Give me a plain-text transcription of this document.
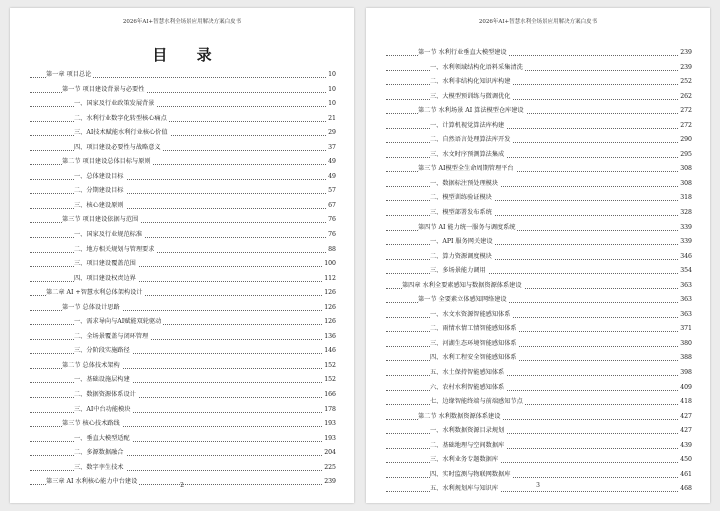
2026年AI+智慧水利全场景应用解决方案白皮书
目 录
第一章 项目总论	10
第一节 项目建设背景与必要性	10
一、国家及行业政策发展背景	10
二、水利行业数字化转型核心痛点	21
三、AI技术赋能水利行业核心价值	29
四、项目建设必要性与战略意义	37
第二节 项目建设总体目标与原则	49
一、总体建设目标	49
二、分期建设目标	57
三、核心建设原则	67
第三节 项目建设依据与范围	76
一、国家及行业规范标准	76
二、地方相关规划与管理要求	88
三、项目建设覆盖范围	100
四、项目建设权责边界	112
第二章 AI +智慧水利总体架构设计	126
第一节 总体设计思路	126
一、需求导向与AI赋能双轮驱动	126
二、全场景覆盖与闭环管理	136
三、分阶段实施路径	146
第二节 总体技术架构	152
一、基础设施层构建	152
二、数据资源体系设计	166
三、AI中台功能模块	178
第三节 核心技术路线	193
一、垂直大模型适配	193
二、多源数据融合	204
三、数字孪生技术	225
第三章 AI 水利核心能力中台建设	239
2
2026年AI+智慧水利全场景应用解决方案白皮书
第一节 水利行业垂直大模型建设	239
一、水利领域结构化语料采集清洗	239
二、水利非结构化知识库构建	252
三、大模型预训练与微调优化	262
第二节 水利场景 AI 算法模型仓库建设	272
一、计算机视觉算法库构建	272
二、自然语言处理算法库开发	290
三、水文时序预测算法集成	295
第三节 AI模型全生命周期管理平台	308
一、数据标注预处理模块	308
二、模型训练验证模块	318
三、模型部署发布系统	328
第四节 AI 能力统一服务与调度系统	339
一、API 服务网关建设	339
二、算力资源调度模块	346
三、多场景能力调用	354
第四章 水利全要素感知与数据资源体系建设	363
第一节 全要素立体感知网络建设	363
一、水文水资源智能感知体系	363
二、雨情水情工情智能感知体系	371
三、河湖生态环境智能感知体系	380
四、水利工程安全智能感知体系	388
五、水土保持智能感知体系	398
六、农村水利智能感知体系	409
七、边缘智能终端与前端感知节点	418
第二节 水利数据资源体系建设	427
一、水利数据资源目录规划	427
二、基础地理与空间数据库	439
三、水利业务专题数据库	450
四、实时监测与物联网数据库	461
五、水利规划库与知识库	468
3
